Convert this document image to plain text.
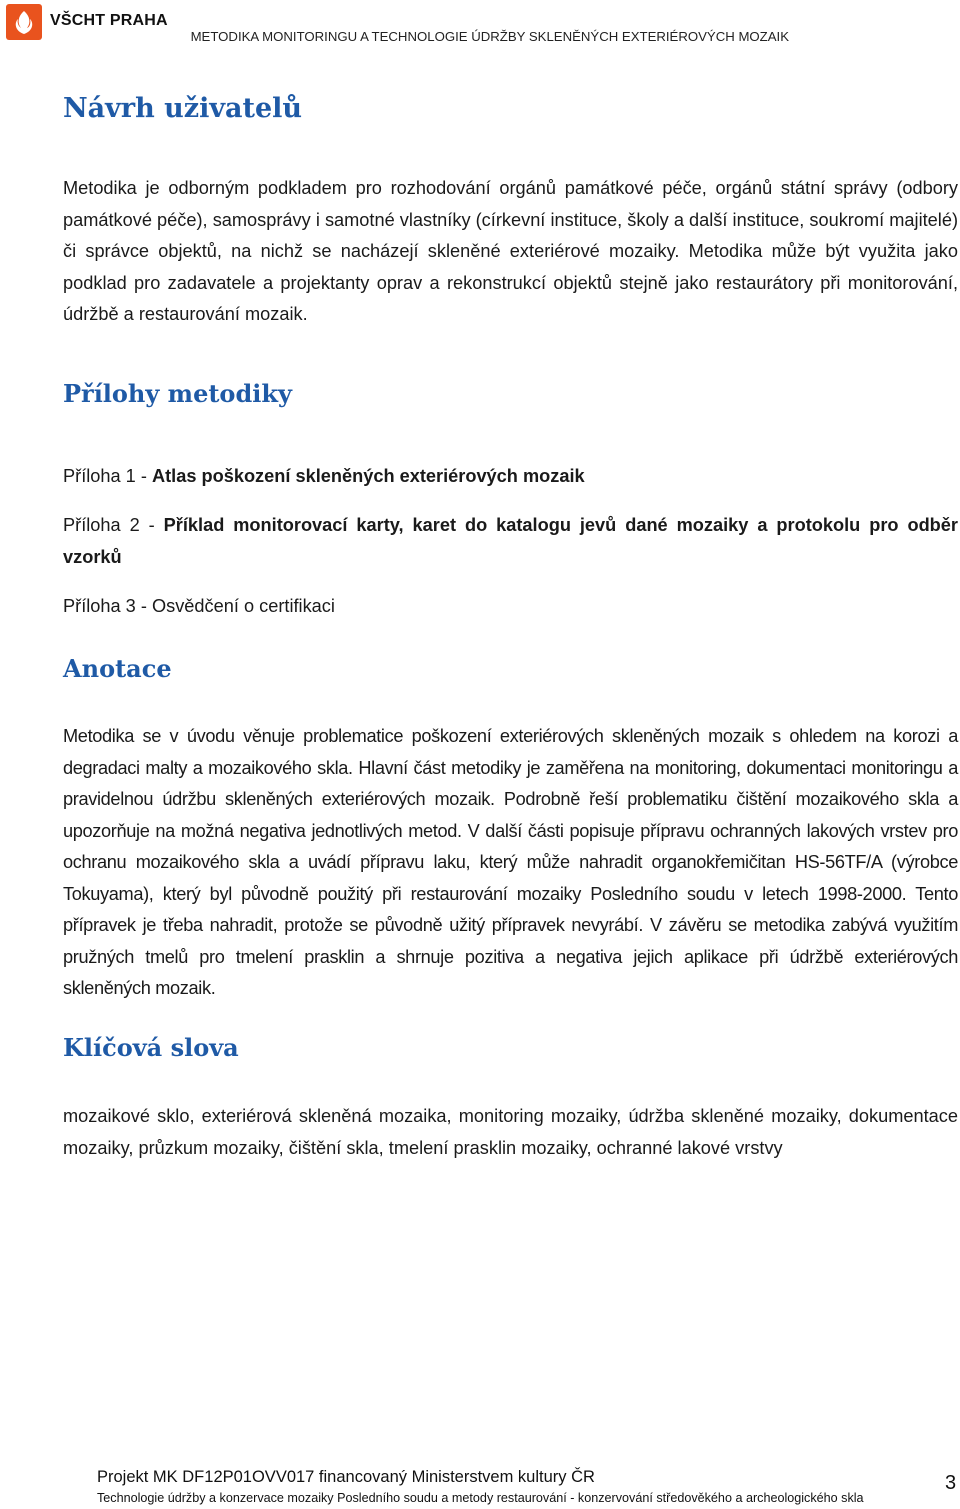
VŠCHT PRAHA
METODIKA MONITORINGU A TECHNOLOGIE ÚDRŽBY SKLENĚNÝCH EXTERIÉROVÝCH MOZAIK
Návrh uživatelů

Metodika je odborným podkladem pro rozhodování orgánů památkové péče, orgánů státní správy (odbory památkové péče), samosprávy i samotné vlastníky (církevní instituce, školy a další instituce, soukromí majitelé) či správce objektů, na nichž se nacházejí skleněné exteriérové mozaiky. Metodika může být využita jako podklad pro zadavatele a projektanty oprav a rekonstrukcí objektů stejně jako restaurátory při monitorování, údržbě a restaurování mozaik.

Přílohy metodiky

Příloha 1 - Atlas poškození skleněných exteriérových mozaik

Příloha 2 - Příklad monitorovací karty, karet do katalogu jevů dané mozaiky a protokolu pro odběr vzorků

Příloha 3 - Osvědčení o certifikaci

Anotace

Metodika se v úvodu věnuje problematice poškození exteriérových skleněných mozaik s ohledem na korozi a degradaci malty a mozaikového skla. Hlavní část metodiky je zaměřena na monitoring, dokumentaci monitoringu a pravidelnou údržbu skleněných exteriérových mozaik. Podrobně řeší problematiku čištění mozaikového skla a upozorňuje na možná negativa jednotlivých metod. V další části popisuje přípravu ochranných lakových vrstev pro ochranu mozaikového skla a uvádí přípravu laku, který může nahradit organokřemičitan HS-56TF/A (výrobce Tokuyama), který byl původně použitý při restaurování mozaiky Posledního soudu v letech 1998-2000. Tento přípravek je třeba nahradit, protože se původně užitý přípravek nevyrábí. V závěru se metodika zabývá využitím pružných tmelů pro tmelení prasklin a shrnuje pozitiva a negativa jejich aplikace při údržbě exteriérových skleněných mozaik.

Klíčová slova

mozaikové sklo, exteriérová skleněná mozaika, monitoring mozaiky, údržba skleněné mozaiky, dokumentace mozaiky, průzkum mozaiky, čištění skla, tmelení prasklin mozaiky, ochranné lakové vrstvy

Projekt MK DF12P01OVV017 financovaný Ministerstvem kultury ČR
Technologie údržby a konzervace mozaiky Posledního soudu a metody restaurování - konzervování středověkého a archeologického skla
3
